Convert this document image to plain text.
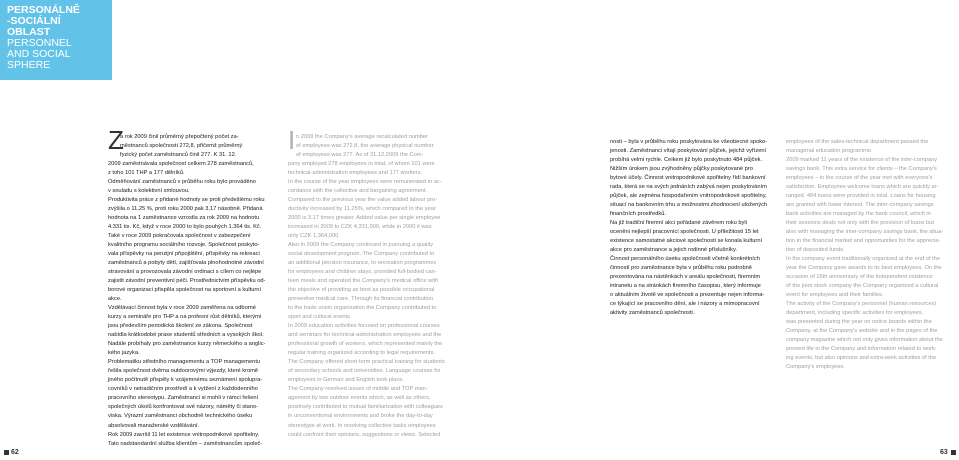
PERSONÁLNĚ
-SOCIÁLNÍ
OBLAST
PERSONNEL
AND SOCIAL
SPHERE
Z	I

a rok 2009 činil průměrný přepočtený počet za-

městnanců společnosti 272,8, přičemž průměrný

fyzický počet zaměstnanců činil 277. K 31. 12.

2009 zaměstnávala společnost celkem 278 zaměstnanců,

z toho 101 THP a 177 dělníků.

Odměňování zaměstnanců v průběhu roku bylo prováděno

v souladu s kolektivní smlouvou.

Produktivita práce z přidané hodnoty se proti předešlému roku

zvýšila o 11,25 %, proti roku 2000 pak 3,17 násobně. Přidaná

hodnota na 1 zaměstnance vzrostla za rok 2009 na hodnotu

4.331 tis. Kč, když v roce 2000 to bylo pouhých 1.364 tis. Kč.

Také v roce 2009 pokračovala společnost v zabezpečení

kvalitního programu sociálního rozvoje. Společnost poskyto-

vala příspěvky na penzijní připojištění, příspěvky na rekreaci

zaměstnanců a pobyty dětí, zajišťovala plnohodnotné závodní

stravování a provozovala závodní ordinaci s cílem co nejlépe

zajistit závodní preventivní péči. Prostřednictvím příspěvku od-

borové organizaci přispěla společnost na sportovní a kulturní

akce.

Vzdělávací činnost byla v roce 2009 zaměřena na odborné

kurzy a semináře pro THP a na profesní růst dělníků, kterými

jsou především periodická školení ze zákona. Společnost

nabídla krátkodobé praxe studentů středních a vysokých škol.

Nadále probíhaly pro zaměstnance kurzy německého a anglic-

kého jazyka.

Problematiku středního managementu a TOP managementu

řešila společnost dvěma outdoorovými výjezdy, které kromě

jiného počítnutě přispěly k vzájemnému seznámení spolupra-

covníků v netradičním prostředí a k vytžení z každodenního

pracovního stereotypu. Zaměstnanci si mohli v rámci řešení

společných úkolů konfrontovat své názory, náměty či stano-

viska. Výrazní zaměstnanci obchodně technického úseku

absolvovali manažerské vzdělávání.

Rok 2009 završil 11 let existence vnitropodnikové spořitelny.

Tato nadstandardní služba klientům – zaměstnancům společ-

n 2009 the Company's average recalculated number

of employees was 272.8, the average physical number

of employees was 277. As of 31.12.2009 the Com-

pany employed 278 employees in total, of whom 101 were

technical-administration employees and 177 workers.

In the course of the year employees were remunerated in ac-

cordance with the collective and bargaining agreement.

Compared to the previous year the value added labour pro-

ductivity increased by 11.25%, which compared to the year

2000 is 3.17 times greater. Added value per single employee

increased in 2009 to CZK 4,331,000, while in 2000 it was

only CZK 1,364,000.

Also in 2009 the Company continued in pursuing a quality

social development program. The Company contributed to

an additional pension insurance, to recreation programmes

for employees and children stays, provided full-bodied can-

teen meals and operated the Company's medical office with

the objective of providing as best as possible occupational

preventive medical care. Through its financial contribution

to the trade union organization the Company contributed to

sport and cultural events.

In 2009 education activities focused on professional courses

and seminars for technical-administration employees and the

professional growth of workers, which represented mainly the

regular training organized according to legal requirements.

The Company offered short-term practical training for students

of secondary schools and universities. Language courses for

employees in German and English took place.

The Company resolved issues of middle and TOP man-

agement by two outdoor events which, as well as others,

positively contributed to mutual familiarization with colleagues

in unconventional environments and broke the day-to-day

stereotype at work. In resolving collective tasks employees

could confront their opinions, suggestions or views. Selected

nosti – byla v průběhu roku poskytována ke všeobecné spoko-

jenosti. Zaměstnanci vítají poskytování půjček, jejichž vyřízení

probíhá velmi rychle. Celkem již bylo poskytnuto 484 půjček.

Nižším úrokem jsou zvýhodněny půjčky poskytované pro

bytové účely. Činnost vnitropodnikové spořitelny řídí bankovní

rada, která se na svých jednáních zabývá nejen poskytováním

půjček, ale zejména hospodařením vnitropodnikové spořitelny,

situací na bankovním trhu a možnostmi zhodnocení uložených

finančních prostředků.

Na již tradiční firemní akci pořádané závěrem roku byli

oceněni nejlepší pracovníci společnosti. U příležitosti 15 let

existence samostatné akciové společnosti se konala kulturní

akce pro zaměstnance a jejich rodinné příslušníky.

Činnost personálního úseku společnosti včetně konkrétních

činností pro zaměstnance byla v průběhu roku podrobně

prezentována na nástěnkách v areálu společnosti, firemním

intranetu a na stránkách firemního časopisu, který informuje

o aktuálním životě ve společnosti a prezentuje nejen informa-

ce týkající se pracovního dění, ale i názory a mimopracovní

aktivity zaměstnanců společnosti.

employees of the sales-technical department passed the

managerial education programme.

2009 marked 11 years of the existence of the inter-company

savings bank. This extra service for clients – the Company's

employees – in the course of the year met with everyone's

satisfaction. Employees welcome loans which are quickly ar-

ranged. 484 loans were provided in total. Loans for housing

are granted with lower interest. The inter-company savings

bank activities are managed by the bank council, which in

their sessions deals not only with the provision of loans but

also with managing the inter-company savings bank, the situa-

tion in the financial market and opportunities for the apprecia-

tion of deposited funds.

In the company event traditionally organized at the end of the

year the Company gave awards to its best employees. On the

occasion of 15th anniversary of the independent existence

of the joint stock company the Company organized a cultural

event for employees and their families.

The activity of the Company's personnel (human resources)

department, including specific activities for employees,

was presented during the year on notice boards within the

Company, at the Company's website and in the pages of the

company magazine which not only gives information about the

present life in the Company and information related to work-

ing events, but also opinions and extra-work activities of the

Company's employees.

62	63
